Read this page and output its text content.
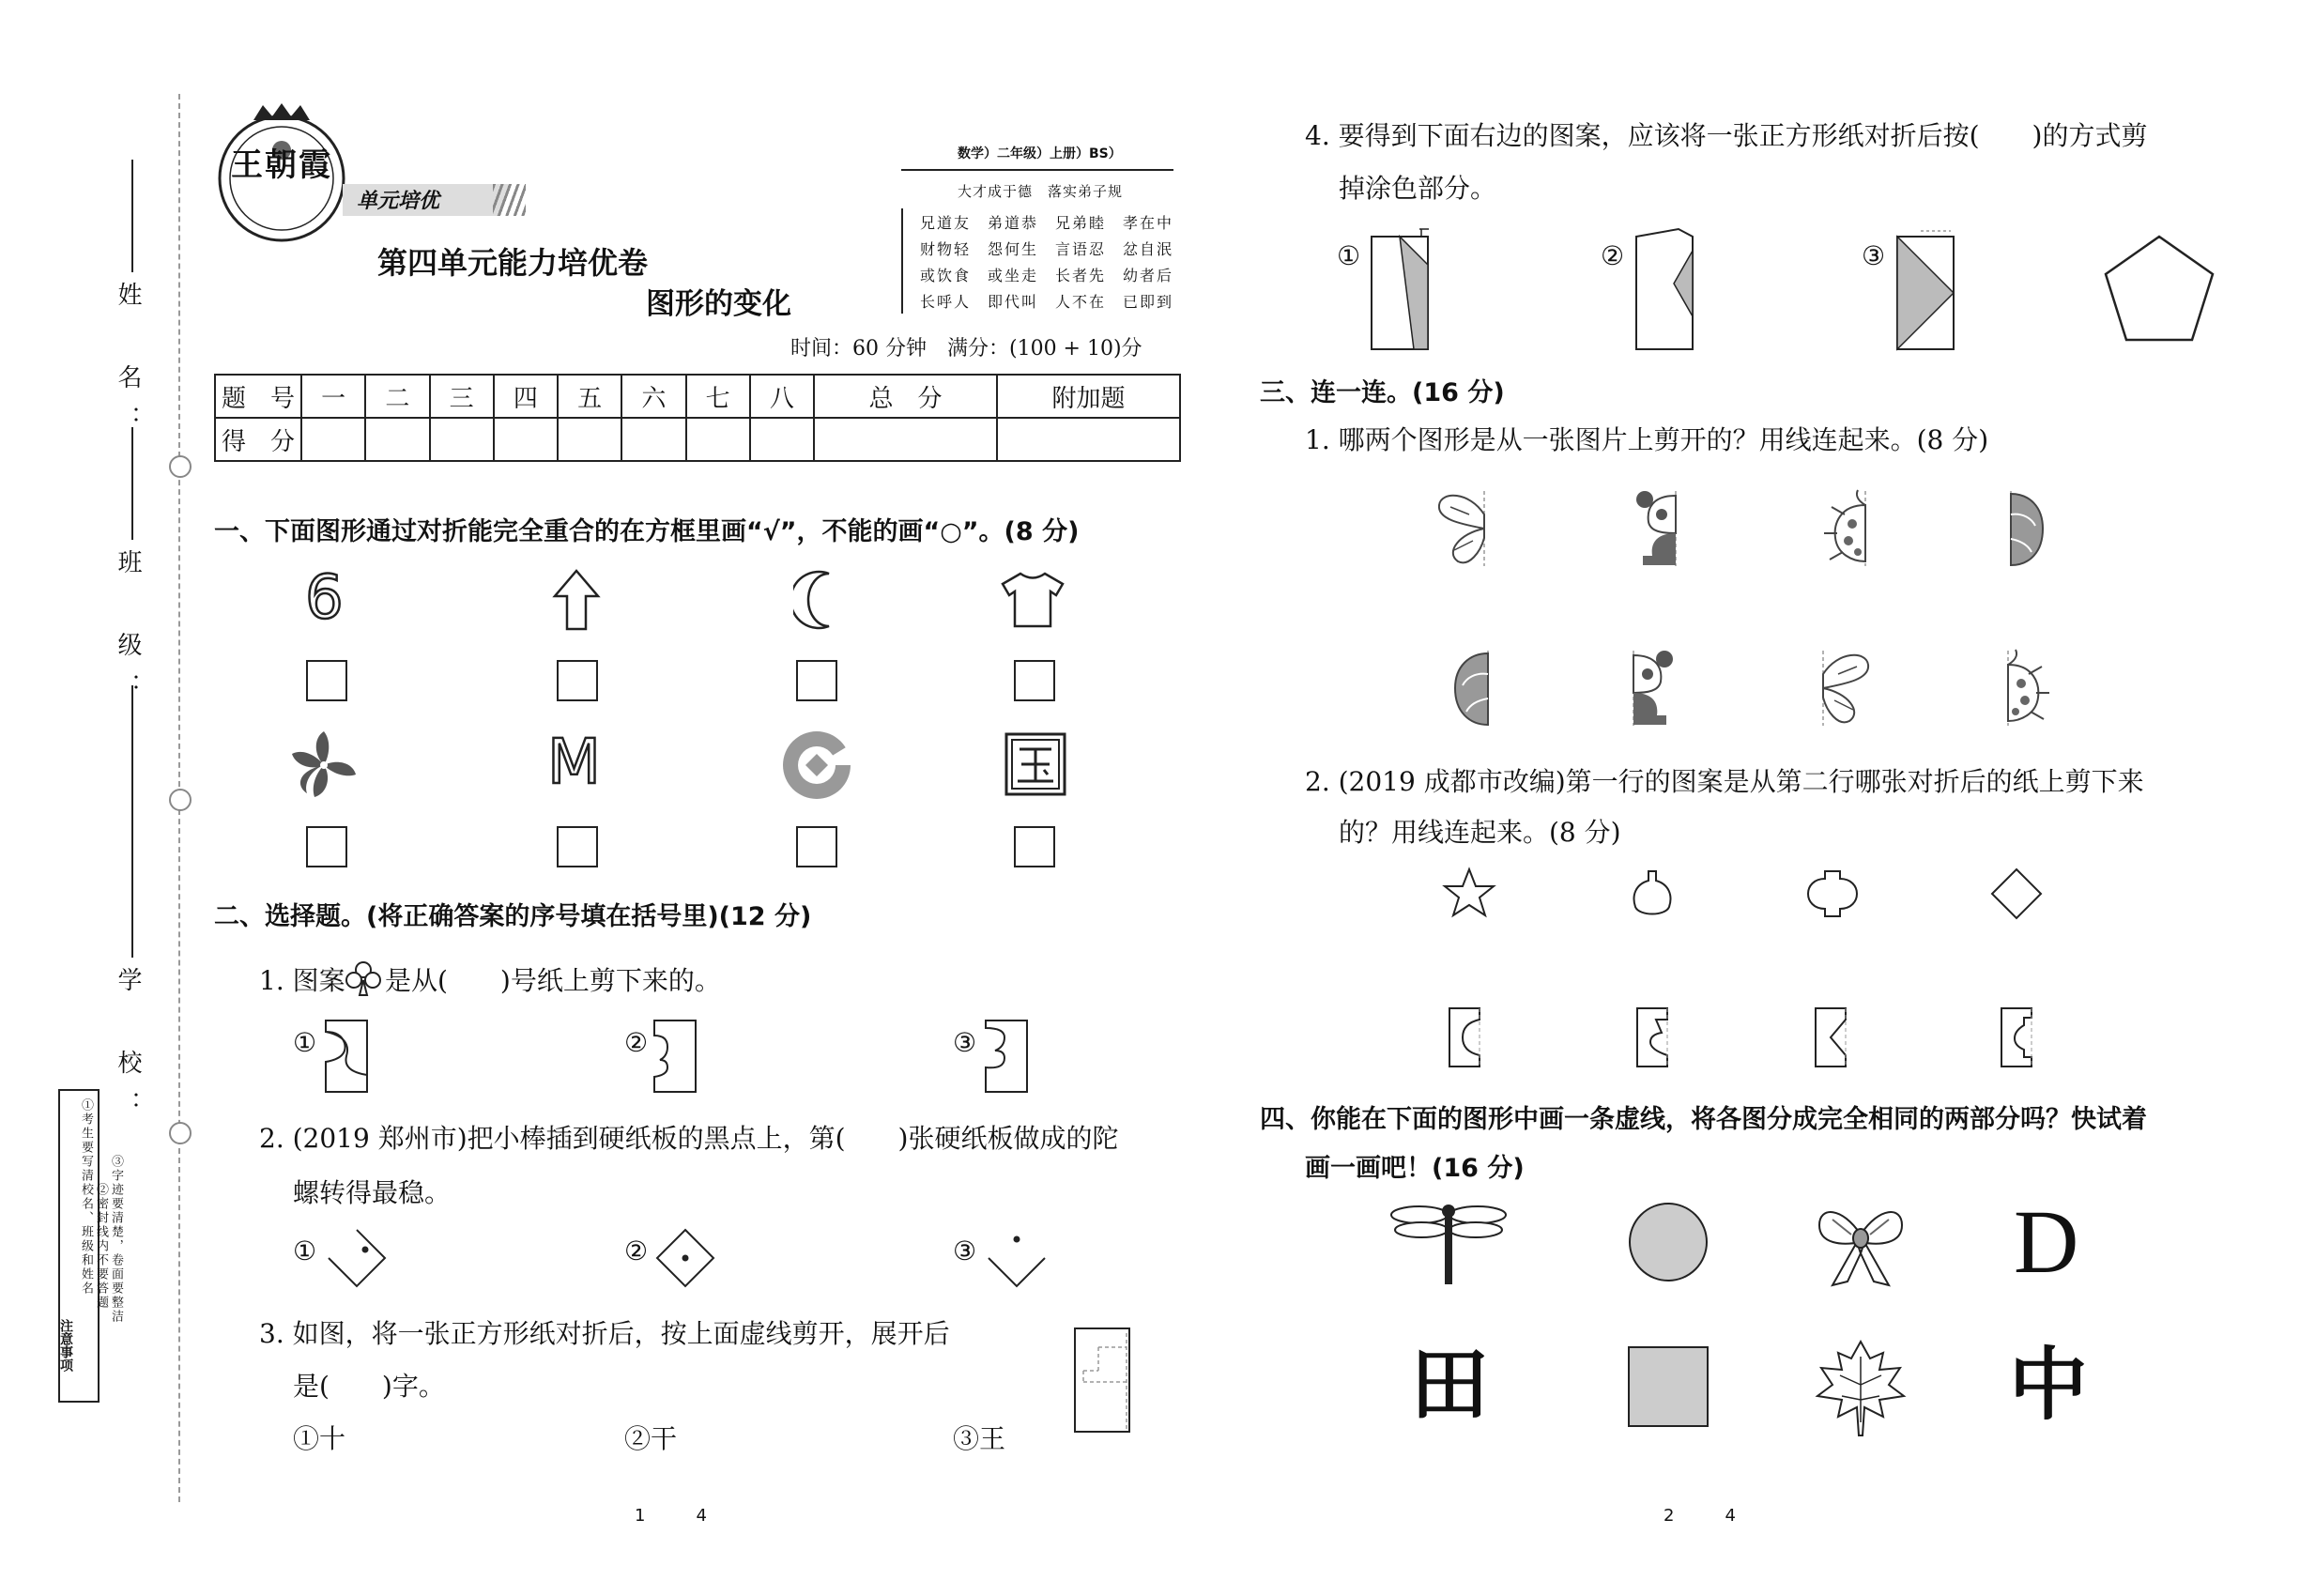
姓　名：
班　级：
学　校：
注意事项
①考生要写清校名、班级和姓名 ②密封线内不要答题 ③字迹要清楚，卷面要整洁
王朝霞
单元培优
数学）二年级）上册）BS）
大才成于德　落实弟子规
兄道友　弟道恭　兄弟睦　孝在中
财物轻　怨何生　言语忍　忿自泯
或饮食　或坐走　长者先　幼者后
长呼人　即代叫　人不在　已即到
第四单元能力培优卷
图形的变化
时间：60 分钟　满分：(100 + 10)分
题　号	一	二	三	四	五	六	七	八	总　分	附加题
得　分										
一、下面图形通过对折能完全重合的在方框里画“√”，不能的画“○”。(8 分)
6
M
二、选择题。(将正确答案的序号填在括号里)(12 分)
1. 图案 是从(　　)号纸上剪下来的。
①	②	③
2. (2019 郑州市)把小棒插到硬纸板的黑点上，第(　　)张硬纸板做成的陀
螺转得最稳。
①	②	③
3. 如图，将一张正方形纸对折后，按上面虚线剪开，展开后
是(　　)字。
①十	②干	③王
1　　　4
4. 要得到下面右边的图案，应该将一张正方形纸对折后按(　　)的方式剪
掉涂色部分。
①	②	③
三、连一连。(16 分)
1. 哪两个图形是从一张图片上剪开的？用线连起来。(8 分)
2. (2019 成都市改编)第一行的图案是从第二行哪张对折后的纸上剪下来
的？用线连起来。(8 分)
四、你能在下面的图形中画一条虚线，将各图分成完全相同的两部分吗？快试着
画一画吧！(16 分)
D
田	中
2　　　4
